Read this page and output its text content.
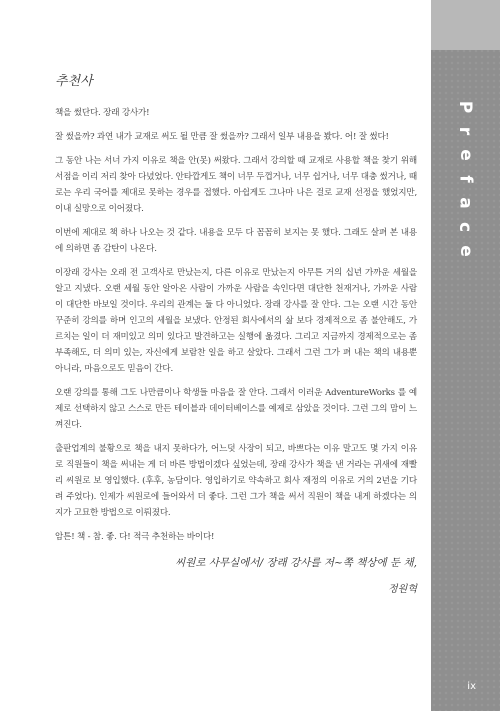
P
r
e
f
a
c
e
ix
추천사

책을 썼단다. 장래 강사가!

잘 썼을까? 과연 내가 교재로 써도 될 만큼 잘 썼을까? 그래서 일부 내용을 봤다. 어! 잘 썼다!

그 동안 나는 서너 가지 이유로 책을 안(못) 써왔다. 그래서 강의할 때 교재로 사용할 책을 찾기 위해 서점을 이리 저리 찾아 다녔었다. 안타깝게도 책이 너무 두껍거나, 너무 쉽거나, 너무 대충 썼거나, 때로는 우리 국어를 제대로 못하는 경우를 접했다. 아쉽게도 그나마 나은 걸로 교재 선정을 했었지만, 이내 실망으로 이어졌다.

이번에 제대로 책 하나 나오는 것 같다. 내용을 모두 다 꼼꼼히 보지는 못 했다. 그래도 살펴 본 내용에 의하면 좀 감탄이 나온다.

이장래 강사는 오래 전 고객사로 만났는지, 다른 이유로 만났는지 아무튼 거의 십년 가까운 세월을 알고 지냈다. 오랜 세월 동안 알아온 사람이 가까운 사람을 속인다면 대단한 천재거나, 가까운 사람이 대단한 바보일 것이다. 우리의 관계는 둘 다 아니었다. 장래 강사를 잘 안다. 그는 오랜 시간 동안 꾸준히 강의를 하며 인고의 세월을 보냈다. 안정된 회사에서의 삶 보다 경제적으로 좀 불안해도, 가르치는 일이 더 재미있고 의미 있다고 발견하고는 실행에 옮겼다. 그리고 지금까지 경제적으로는 좀 부족해도, 더 의미 있는, 자신에게 보람찬 일을 하고 살았다. 그래서 그런 그가 펴 내는 책의 내용뿐 아니라, 마음으로도 믿음이 간다.

오랜 강의를 통해 그도 나만큼이나 학생들 마음을 잘 안다. 그래서 이러운 AdventureWorks 를 예제로 선택하지 않고 스스로 만든 테이블과 데이터베이스를 예제로 삼았을 것이다. 그런 그의 맘이 느껴진다.

출판업계의 불황으로 책을 내지 못하다가, 어느덧 사장이 되고, 바쁘다는 이유 말고도 몇 가지 이유로 직원들이 책을 써내는 게 더 바른 방법이겠다 싶었는데, 장래 강사가 책을 낸 거라는 귀새에 재빨리 씨원로 보 영입했다. (후후, 농담이다. 영입하기로 약속하고 회사 재정의 이유로 거의 2년을 기다려 주었다). 인제가 씨원로에 들어와서 더 좋다. 그런 그가 책을 써서 직원이 책을 내게 하겠다는 의지가 고묘한 방법으로 이뤄졌다.

암튼! 책 - 참. 좋. 다! 적극 추천하는 바이다!

씨원로 사무실에서/ 장래 강사를 저~쪽 책상에 둔 채,
정원혁
